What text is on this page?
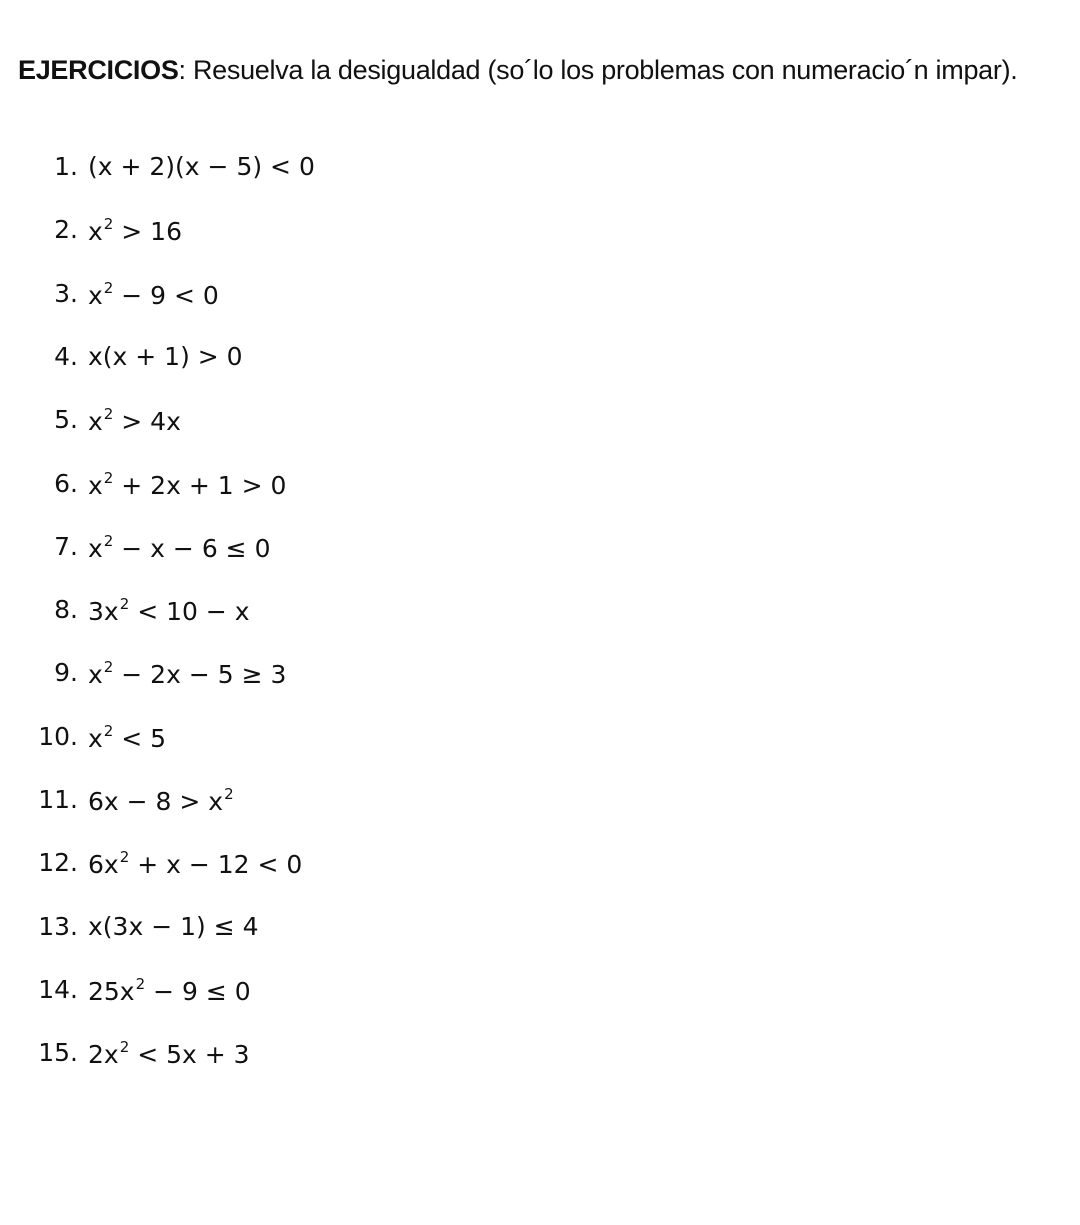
EJERCICIOS: Resuelva la desigualdad (so´lo los problemas con numeracio´n impar).
1. (x + 2)(x − 5) < 0
2. $x^2 > 16$
3. $x^2 - 9 < 0$
4. x(x + 1) > 0
5. $x^2 > 4x$
6. $x^2 + 2x + 1 > 0$
7. $x^2 - x - 6 \le 0$
8. $3x^2 < 10 - x$
9. $x^2 - 2x - 5 \ge 3$
10. $x^2 < 5$
11. $6x - 8 > x^2$
12. $6x^2 + x - 12 < 0$
13. x(3x − 1) ≤ 4
14. $25x^2 - 9 \le 0$
15. $2x^2 < 5x + 3$
